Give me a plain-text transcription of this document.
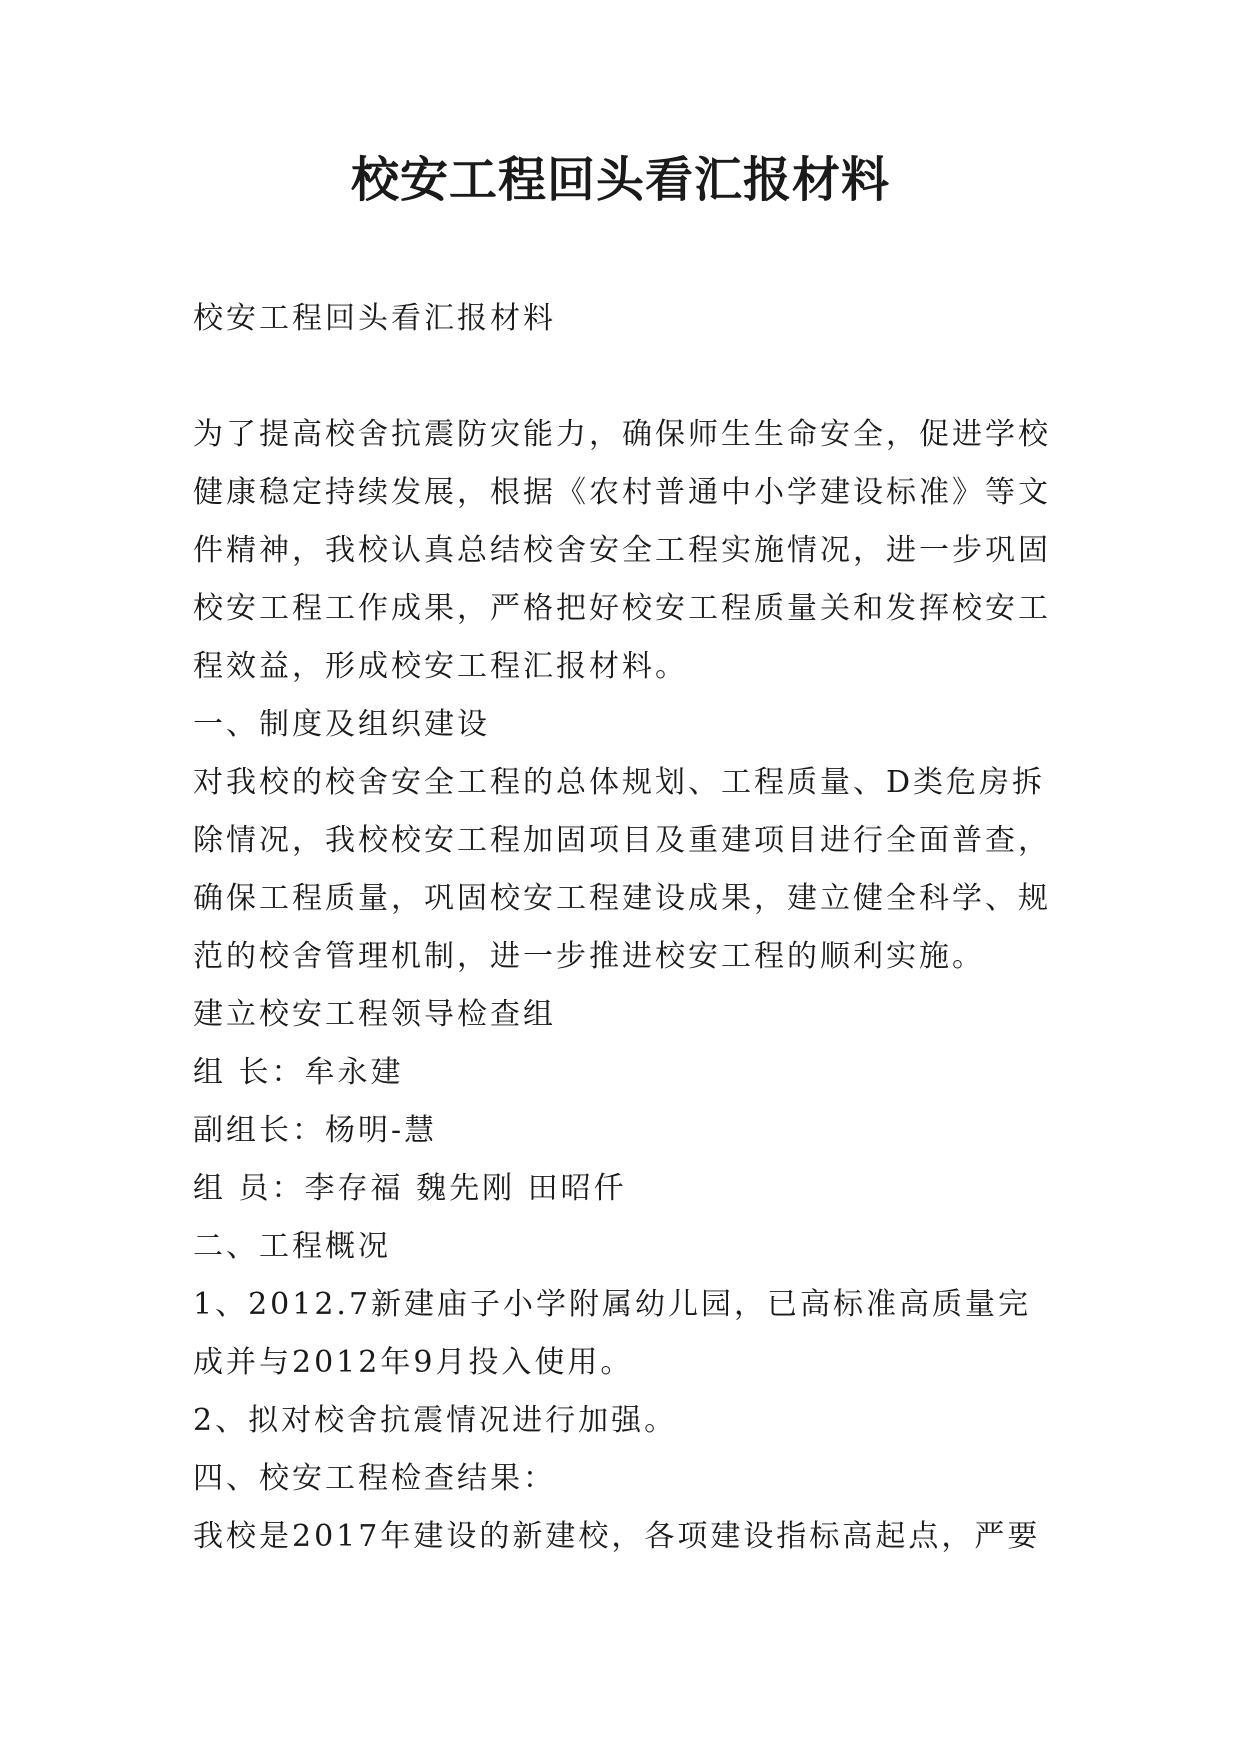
校安工程回头看汇报材料

校安工程回头看汇报材料

为了提高校舍抗震防灾能力，确保师生生命安全，促进学校健康稳定持续发展，根据《农村普通中小学建设标准》等文件精神，我校认真总结校舍安全工程实施情况，进一步巩固校安工程工作成果，严格把好校安工程质量关和发挥校安工程效益，形成校安工程汇报材料。

一、制度及组织建设

对我校的校舍安全工程的总体规划、工程质量、D类危房拆除情况，我校校安工程加固项目及重建项目进行全面普查，确保工程质量，巩固校安工程建设成果，建立健全科学、规范的校舍管理机制，进一步推进校安工程的顺利实施。

建立校安工程领导检查组

组 长：牟永建

副组长：杨明-慧

组 员：李存福 魏先刚 田昭仟

二、工程概况

1、2012.7新建庙子小学附属幼儿园，已高标准高质量完成并与2012年9月投入使用。

2、拟对校舍抗震情况进行加强。

四、校安工程检查结果：

我校是2017年建设的新建校，各项建设指标高起点，严要
